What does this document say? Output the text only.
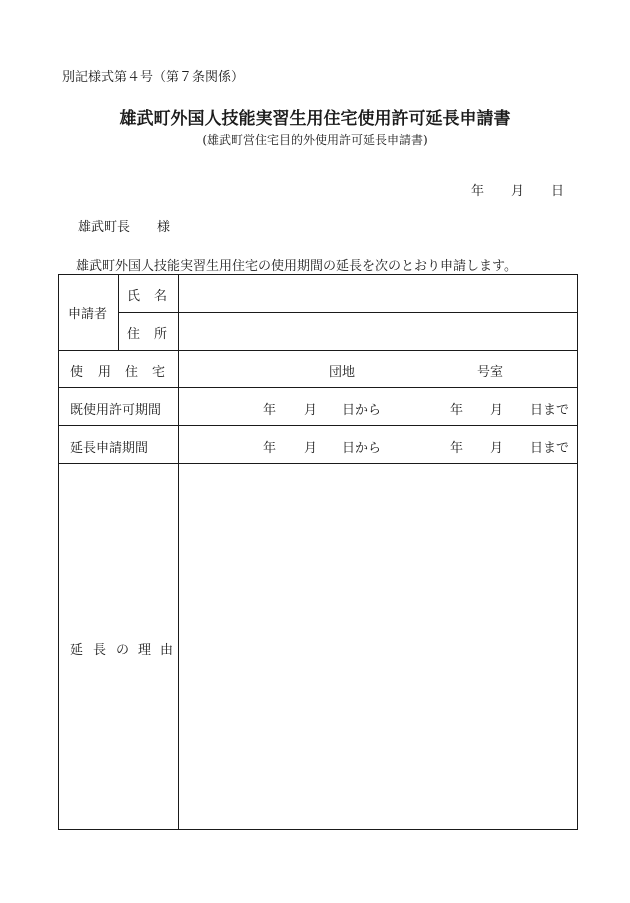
別記様式第４号（第７条関係）
雄武町外国人技能実習生用住宅使用許可延長申請書
(雄武町営住宅目的外使用許可延長申請書)
年 月 日
雄武町長 様
雄武町外国人技能実習生用住宅の使用期間の延長を次のとおり申請します。
申請者
氏 名
住 所
使 用 住 宅	団地	号室
既使用許可期間	年 月 日から	年 月 日まで
延長申請期間	年 月 日から	年 月 日まで
延 長 の 理 由
